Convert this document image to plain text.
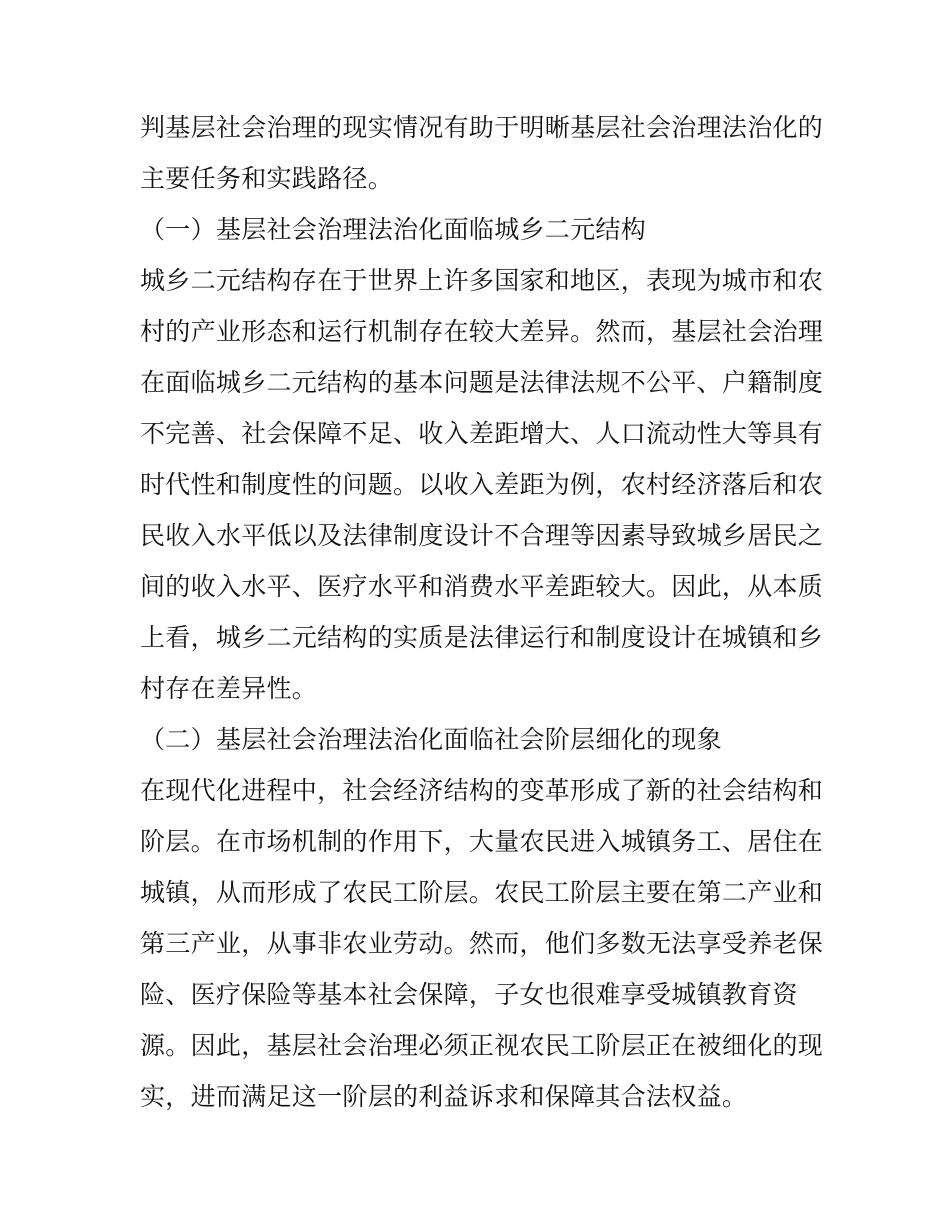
判基层社会治理的现实情况有助于明晰基层社会治理法治化的
主要任务和实践路径。
（一）基层社会治理法治化面临城乡二元结构
城乡二元结构存在于世界上许多国家和地区，表现为城市和农
村的产业形态和运行机制存在较大差异。然而，基层社会治理
在面临城乡二元结构的基本问题是法律法规不公平、户籍制度
不完善、社会保障不足、收入差距增大、人口流动性大等具有
时代性和制度性的问题。以收入差距为例，农村经济落后和农
民收入水平低以及法律制度设计不合理等因素导致城乡居民之
间的收入水平、医疗水平和消费水平差距较大。因此，从本质
上看，城乡二元结构的实质是法律运行和制度设计在城镇和乡
村存在差异性。
（二）基层社会治理法治化面临社会阶层细化的现象
在现代化进程中，社会经济结构的变革形成了新的社会结构和
阶层。在市场机制的作用下，大量农民进入城镇务工、居住在
城镇，从而形成了农民工阶层。农民工阶层主要在第二产业和
第三产业，从事非农业劳动。然而，他们多数无法享受养老保
险、医疗保险等基本社会保障，子女也很难享受城镇教育资
源。因此，基层社会治理必须正视农民工阶层正在被细化的现
实，进而满足这一阶层的利益诉求和保障其合法权益。
